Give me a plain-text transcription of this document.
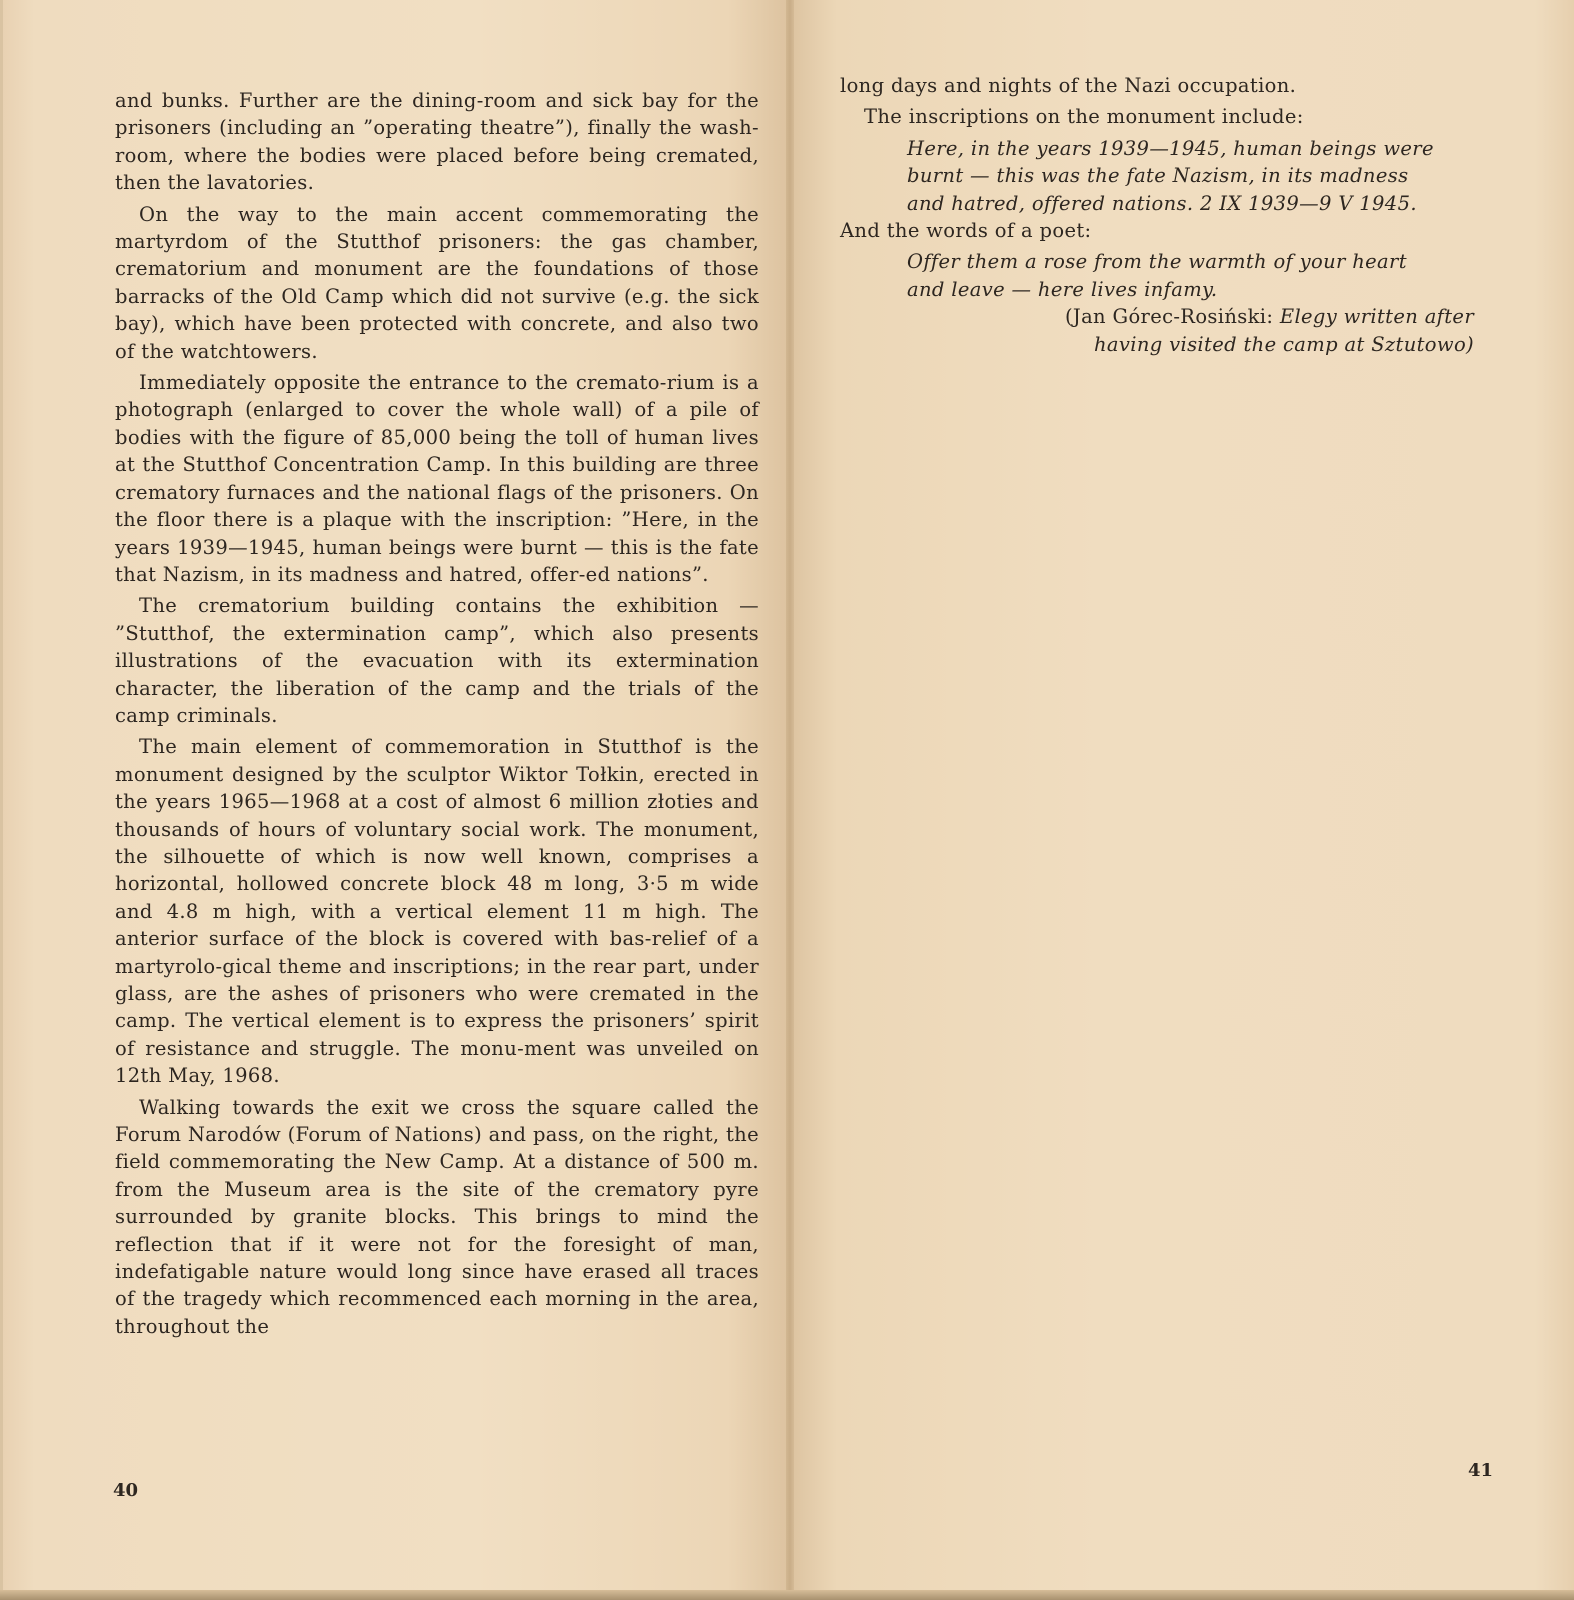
and bunks. Further are the dining-room and sick bay for the prisoners (including an ”operating theatre”), finally the wash-room, where the bodies were placed before being cremated, then the lavatories.

On the way to the main accent commemorating the martyrdom of the Stutthof prisoners: the gas chamber, crematorium and monument are the foundations of those barracks of the Old Camp which did not survive (e.g. the sick bay), which have been protected with concrete, and also two of the watchtowers.

Immediately opposite the entrance to the cremato-rium is a photograph (enlarged to cover the whole wall) of a pile of bodies with the figure of 85,000 being the toll of human lives at the Stutthof Concentration Camp. In this building are three crematory furnaces and the national flags of the prisoners. On the floor there is a plaque with the inscription: ”Here, in the years 1939—1945, human beings were burnt — this is the fate that Nazism, in its madness and hatred, offer-ed nations”.

The crematorium building contains the exhibition — ”Stutthof, the extermination camp”, which also presents illustrations of the evacuation with its extermination character, the liberation of the camp and the trials of the camp criminals.

The main element of commemoration in Stutthof is the monument designed by the sculptor Wiktor Tołkin, erected in the years 1965—1968 at a cost of almost 6 million złoties and thousands of hours of voluntary social work. The monument, the silhouette of which is now well known, comprises a horizontal, hollowed concrete block 48 m long, 3·5 m wide and 4.8 m high, with a vertical element 11 m high. The anterior surface of the block is covered with bas-relief of a martyrolo-gical theme and inscriptions; in the rear part, under glass, are the ashes of prisoners who were cremated in the camp. The vertical element is to express the prisoners’ spirit of resistance and struggle. The monu-ment was unveiled on 12th May, 1968.

Walking towards the exit we cross the square called the Forum Narodów (Forum of Nations) and pass, on the right, the field commemorating the New Camp. At a distance of 500 m. from the Museum area is the site of the crematory pyre surrounded by granite blocks. This brings to mind the reflection that if it were not for the foresight of man, indefatigable nature would long since have erased all traces of the tragedy which recommenced each morning in the area, throughout the

40

long days and nights of the Nazi occupation.

The inscriptions on the monument include:

Here, in the years 1939—1945, human beings were
burnt — this was the fate Nazism, in its madness
and hatred, offered nations. 2 IX 1939—9 V 1945.

And the words of a poet:

Offer them a rose from the warmth of your heart
and leave — here lives infamy.
(Jan Górec-Rosiński: Elegy written after
having visited the camp at Sztutowo)
41
